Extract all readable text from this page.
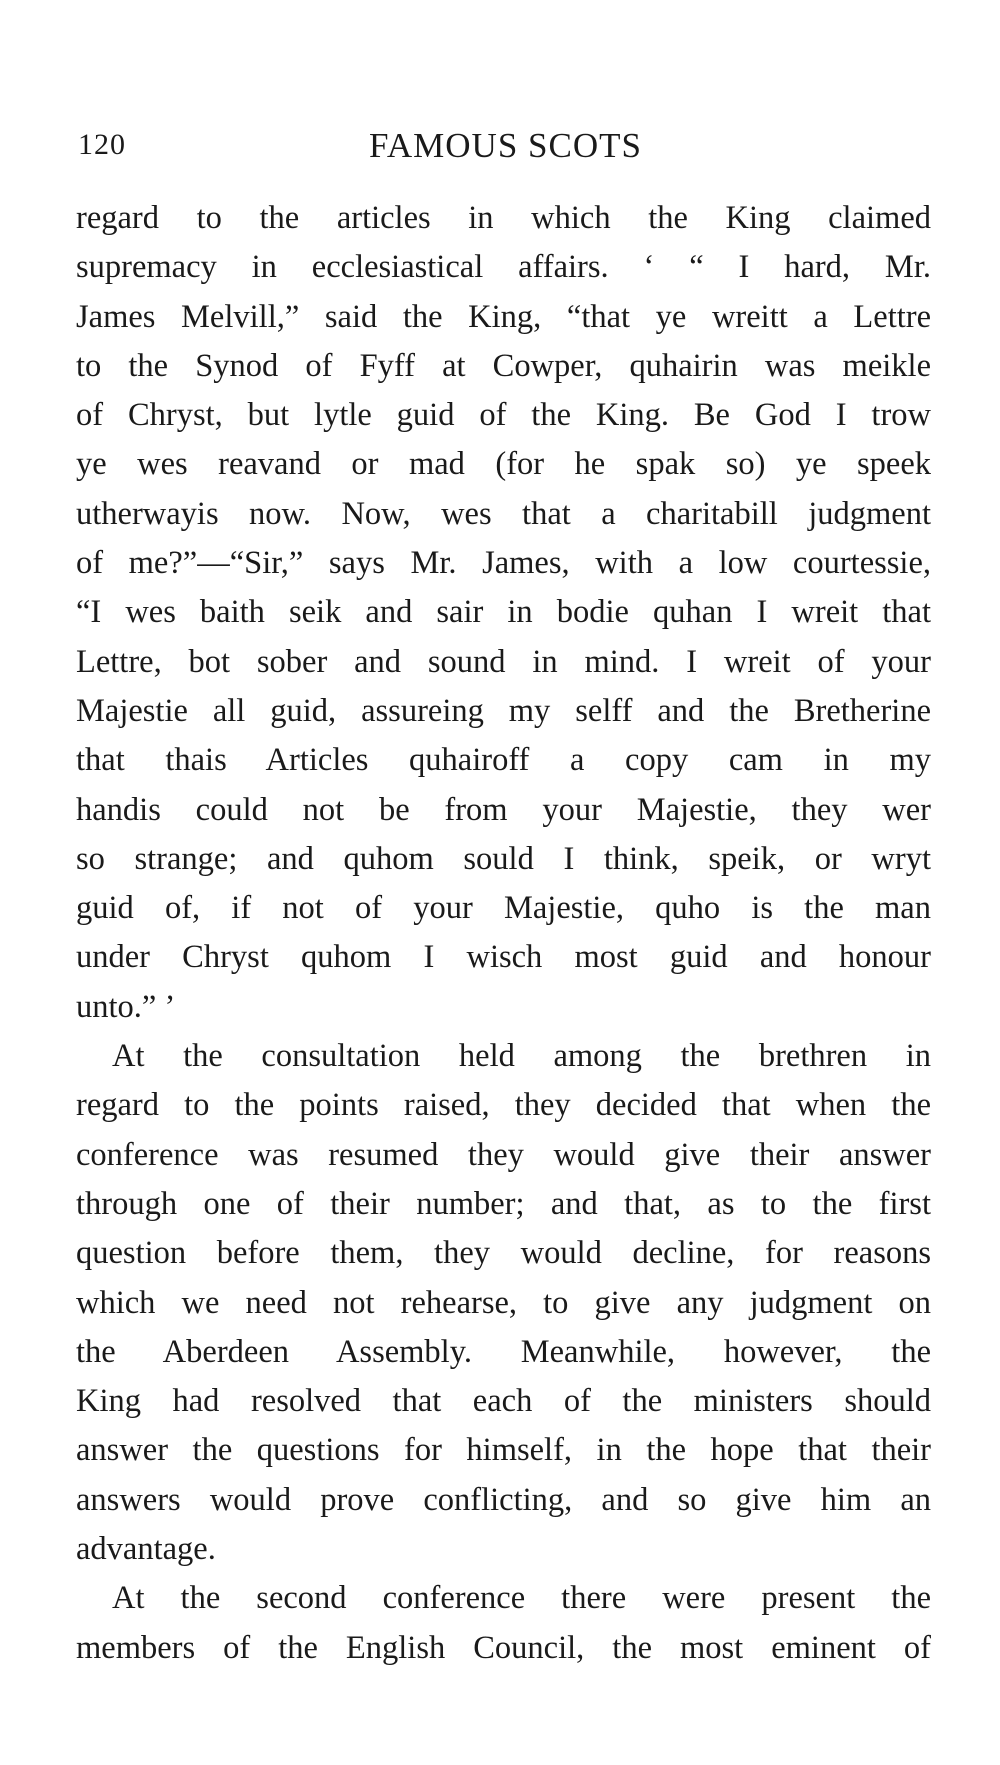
120	FAMOUS SCOTS

regard to the articles in which the King claimed
supremacy in ecclesiastical affairs. ‘ “ I hard, Mr.
James Melvill,” said the King, “that ye wreitt a Lettre
to the Synod of Fyff at Cowper, quhairin was meikle
of Chryst, but lytle guid of the King. Be God I trow
ye wes reavand or mad (for he spak so) ye speek
utherwayis now. Now, wes that a charitabill judgment
of me?”—“Sir,” says Mr. James, with a low courtessie,
“I wes baith seik and sair in bodie quhan I wreit that
Lettre, bot sober and sound in mind. I wreit of your
Majestie all guid, assureing my selff and the Bretherine
that thais Articles quhairoff a copy cam in my
handis could not be from your Majestie, they wer
so strange; and quhom sould I think, speik, or wryt
guid of, if not of your Majestie, quho is the man
under Chryst quhom I wisch most guid and honour
unto.” ’

At the consultation held among the brethren in
regard to the points raised, they decided that when the
conference was resumed they would give their answer
through one of their number; and that, as to the first
question before them, they would decline, for reasons
which we need not rehearse, to give any judgment on
the Aberdeen Assembly. Meanwhile, however, the
King had resolved that each of the ministers should
answer the questions for himself, in the hope that their
answers would prove conflicting, and so give him an
advantage.

At the second conference there were present the
members of the English Council, the most eminent of
